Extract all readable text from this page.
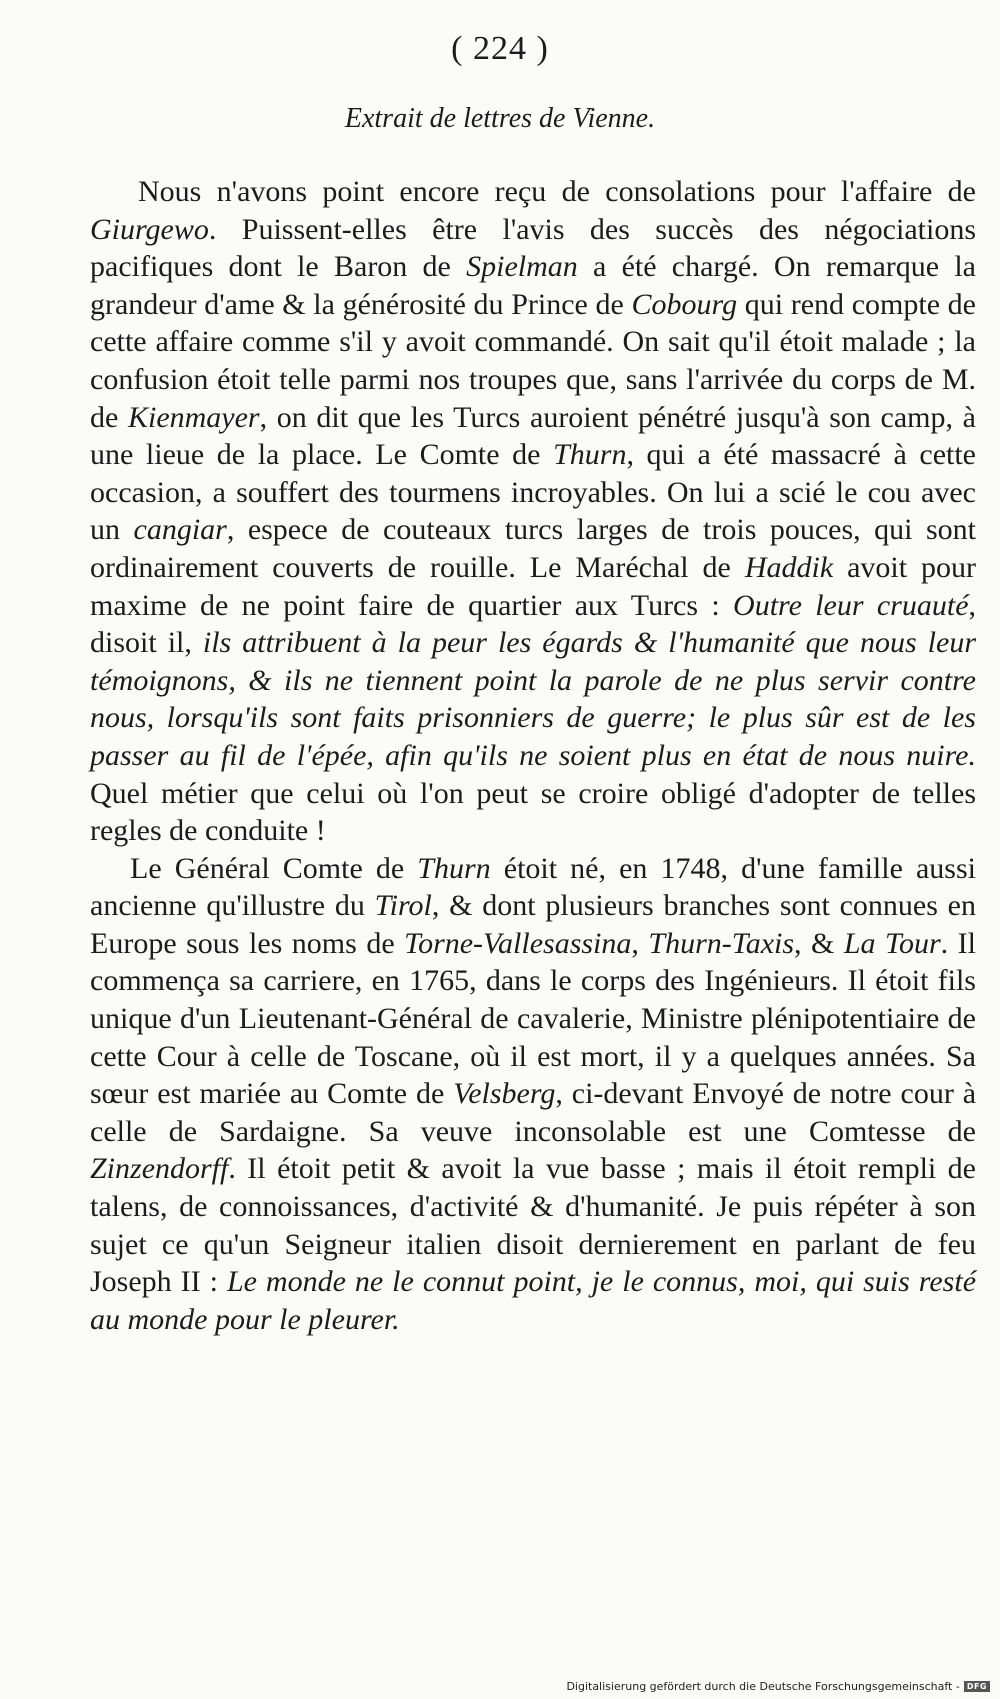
( 224 )
Extrait de lettres de Vienne.

Nous n'avons point encore reçu de consolations pour l'affaire de Giurgewo. Puissent-elles être l'avis des succès des négociations pacifiques dont le Baron de Spielman a été chargé. On remarque la grandeur d'ame & la générosité du Prince de Cobourg qui rend compte de cette affaire comme s'il y avoit commandé. On sait qu'il étoit malade ; la confusion étoit telle parmi nos troupes que, sans l'arrivée du corps de M. de Kienmayer, on dit que les Turcs auroient pénétré jusqu'à son camp, à une lieue de la place. Le Comte de Thurn, qui a été massacré à cette occasion, a souffert des tourmens incroyables. On lui a scié le cou avec un cangiar, espece de couteaux turcs larges de trois pouces, qui sont ordinairement couverts de rouille. Le Maréchal de Haddik avoit pour maxime de ne point faire de quartier aux Turcs : Outre leur cruauté, disoit il, ils attribuent à la peur les égards & l'humanité que nous leur témoignons, & ils ne tiennent point la parole de ne plus servir contre nous, lorsqu'ils sont faits prisonniers de guerre; le plus sûr est de les passer au fil de l'épée, afin qu'ils ne soient plus en état de nous nuire. Quel métier que celui où l'on peut se croire obligé d'adopter de telles regles de conduite !

Le Général Comte de Thurn étoit né, en 1748, d'une famille aussi ancienne qu'illustre du Tirol, & dont plusieurs branches sont connues en Europe sous les noms de Torne-Vallesassina, Thurn-Taxis, & La Tour. Il commença sa carriere, en 1765, dans le corps des Ingénieurs. Il étoit fils unique d'un Lieutenant-Général de cavalerie, Ministre plénipotentiaire de cette Cour à celle de Toscane, où il est mort, il y a quelques années. Sa sœur est mariée au Comte de Velsberg, ci-devant Envoyé de notre cour à celle de Sardaigne. Sa veuve inconsolable est une Comtesse de Zinzendorff. Il étoit petit & avoit la vue basse ; mais il étoit rempli de talens, de connoissances, d'activité & d'humanité. Je puis répéter à son sujet ce qu'un Seigneur italien disoit dernierement en parlant de feu Joseph II : Le monde ne le connut point, je le connus, moi, qui suis resté au monde pour le pleurer.

Digitalisierung gefördert durch die Deutsche Forschungsgemeinschaft - DFG
